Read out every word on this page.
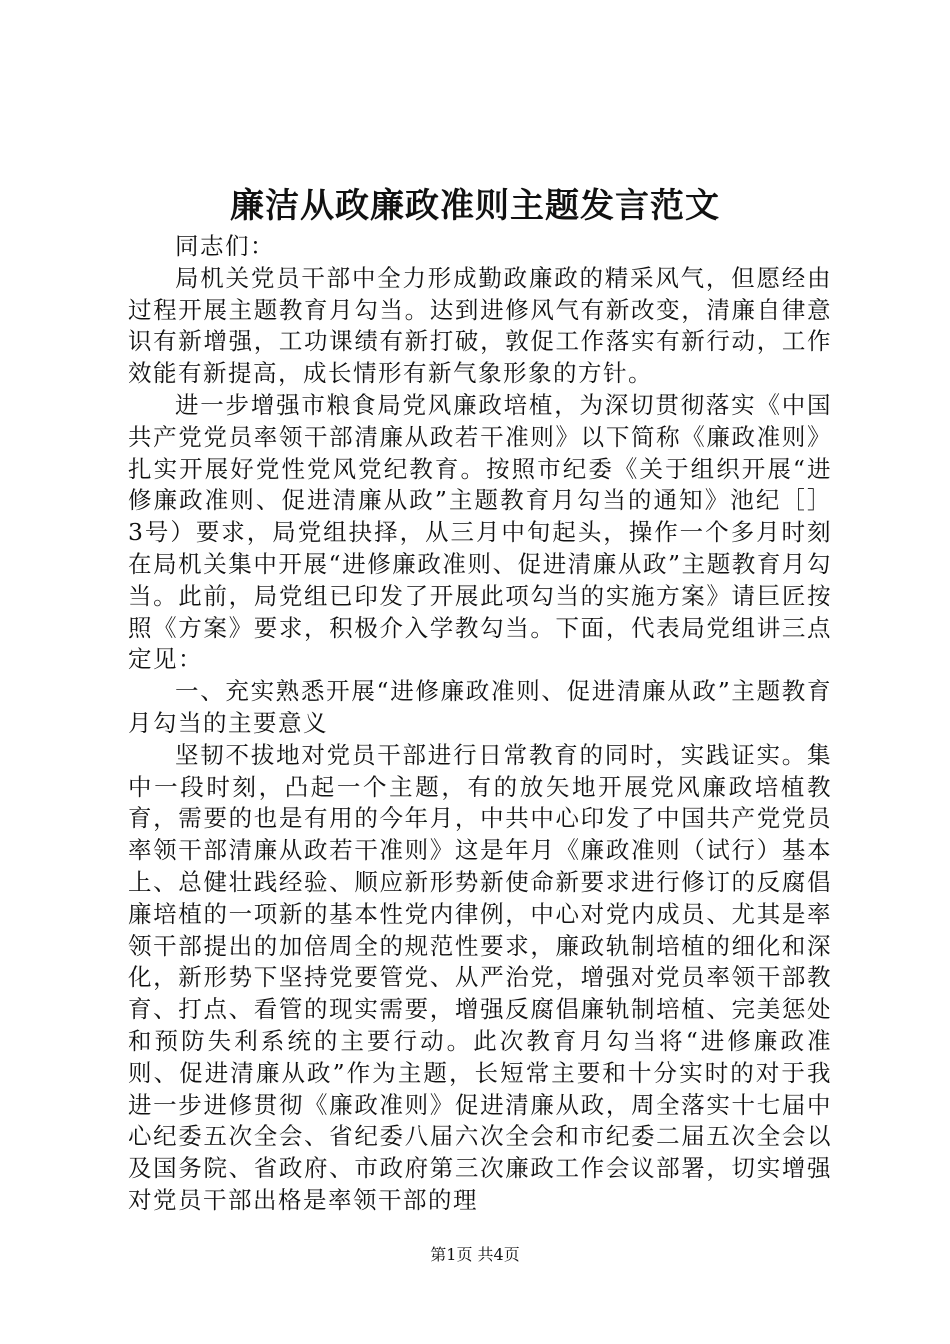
廉洁从政廉政准则主题发言范文

同志们：

局机关党员干部中全力形成勤政廉政的精采风气，但愿经由过程开展主题教育月勾当。达到进修风气有新改变，清廉自律意识有新增强，工功课绩有新打破，敦促工作落实有新行动，工作效能有新提高，成长情形有新气象形象的方针。

进一步增强市粮食局党风廉政培植，为深切贯彻落实《中国共产党党员率领干部清廉从政若干准则》以下简称《廉政准则》扎实开展好党性党风党纪教育。按照市纪委《关于组织开展“进修廉政准则、促进清廉从政”主题教育月勾当的通知》池纪［］3号）要求，局党组抉择，从三月中旬起头，操作一个多月时刻在局机关集中开展“进修廉政准则、促进清廉从政”主题教育月勾当。此前，局党组已印发了开展此项勾当的实施方案》请巨匠按照《方案》要求，积极介入学教勾当。下面，代表局党组讲三点定见：

一、充实熟悉开展“进修廉政准则、促进清廉从政”主题教育月勾当的主要意义

坚韧不拔地对党员干部进行日常教育的同时，实践证实。集中一段时刻，凸起一个主题，有的放矢地开展党风廉政培植教育，需要的也是有用的今年月，中共中心印发了中国共产党党员率领干部清廉从政若干准则》这是年月《廉政准则（试行）基本上、总健壮践经验、顺应新形势新使命新要求进行修订的反腐倡廉培植的一项新的基本性党内律例，中心对党内成员、尤其是率领干部提出的加倍周全的规范性要求，廉政轨制培植的细化和深化，新形势下坚持党要管党、从严治党，增强对党员率领干部教育、打点、看管的现实需要，增强反腐倡廉轨制培植、完美惩处和预防失利系统的主要行动。此次教育月勾当将“进修廉政准则、促进清廉从政”作为主题，长短常主要和十分实时的对于我进一步进修贯彻《廉政准则》促进清廉从政，周全落实十七届中心纪委五次全会、省纪委八届六次全会和市纪委二届五次全会以及国务院、省政府、市政府第三次廉政工作会议部署，切实增强对党员干部出格是率领干部的理

第1页 共4页
